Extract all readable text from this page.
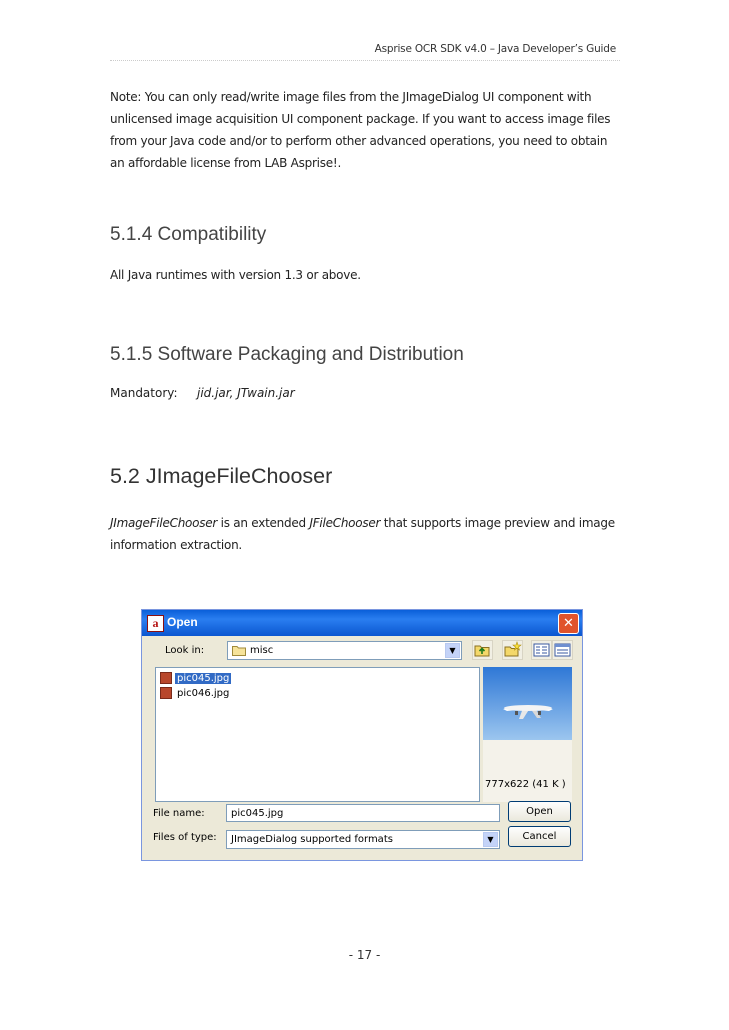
Asprise OCR SDK v4.0 – Java Developer’s Guide
Note: You can only read/write image files from the JImageDialog UI component with
unlicensed image acquisition UI component package. If you want to access image files
from your Java code and/or to perform other advanced operations, you need to obtain
an affordable license from LAB Asprise!.
5.1.4 Compatibility
All Java runtimes with version 1.3 or above.
5.1.5 Software Packaging and Distribution
Mandatory: jid.jar, JTwain.jar
5.2 JImageFileChooser
JImageFileChooser is an extended JFileChooser that supports image preview and image
information extraction.
a Open	✕
Look in:	misc	▼
pic045.jpg
pic046.jpg
777x622 (41 K )
File name:	pic045.jpg	Open
Files of type: JImageDialog supported formats	▼	Cancel
- 17 -
